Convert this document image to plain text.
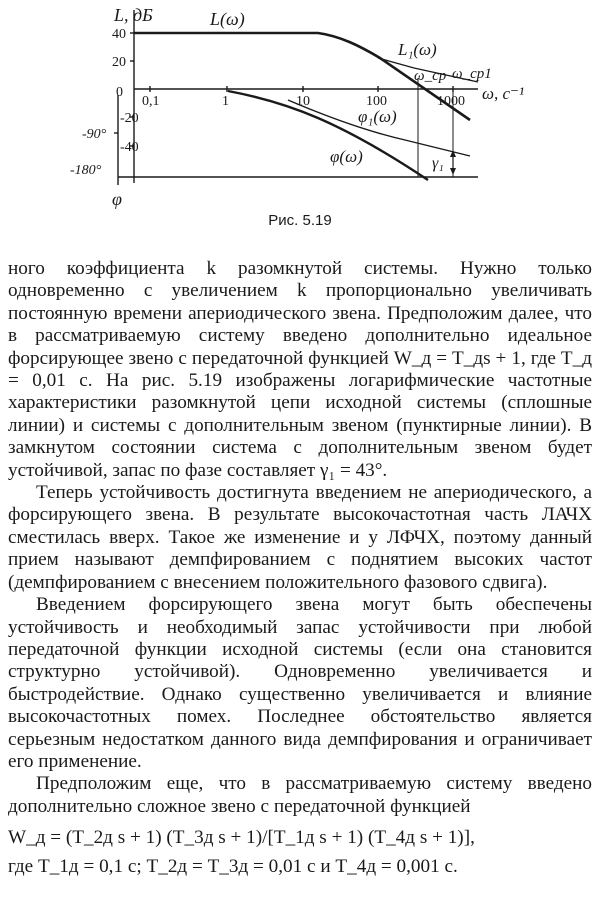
L, дБ
φ
ω, с⁻¹
40
20
0
-20
-40
-90°
-180°
0,1	1	10	100	1000
L(ω)
L₁(ω)
ω_ср ω_ср1
φ₁(ω)
φ(ω)	γ₁
Рис. 5.19

ного коэффициента k разомкнутой системы. Нужно только одновременно с увеличением k пропорционально увеличивать постоянную времени апериодического звена. Предположим далее, что в рассматриваемую систему введено дополнительно идеальное форсирующее звено с передаточной функцией W_д = T_дs + 1, где T_д = 0,01 с. На рис. 5.19 изображены логарифмические частотные характеристики разомкнутой цепи исходной системы (сплошные линии) и системы с дополнительным звеном (пунктирные линии). В замкнутом состоянии система с дополнительным звеном будет устойчивой, запас по фазе составляет γ₁ = 43°.

Теперь устойчивость достигнута введением не апериодического, а форсирующего звена. В результате высокочастотная часть ЛАЧХ сместилась вверх. Такое же изменение и у ЛФЧХ, поэтому данный прием называют демпфированием с поднятием высоких частот (демпфированием с внесением положительного фазового сдвига).

Введением форсирующего звена могут быть обеспечены устойчивость и необходимый запас устойчивости при любой передаточной функции исходной системы (если она становится структурно устойчивой). Одновременно увеличивается и быстродействие. Однако существенно увеличивается и влияние высокочастотных помех. Последнее обстоятельство является серьезным недостатком данного вида демпфирования и ограничивает его применение.

Предположим еще, что в рассматриваемую систему введено дополнительно сложное звено с передаточной функцией

W_д = (T_2д s + 1) (T_3д s + 1)/[T_1д s + 1) (T_4д s + 1)],

где T_1д = 0,1 с; T_2д = T_3д = 0,01 с и T_4д = 0,001 с.
